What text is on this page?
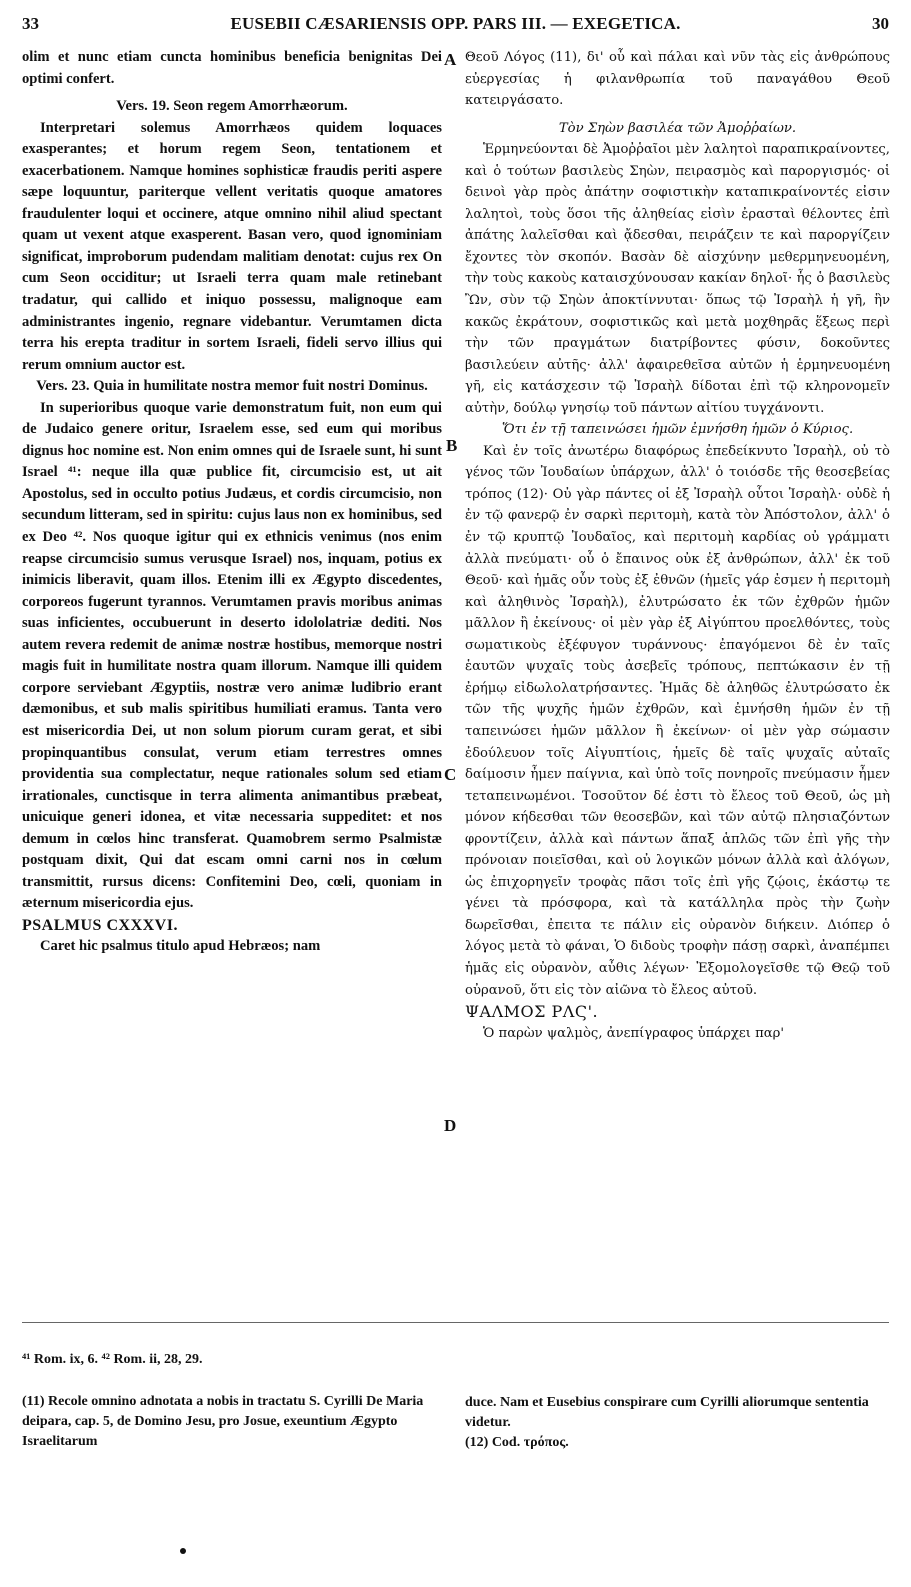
33	EUSEBII CÆSARIENSIS OPP. PARS III. — EXEGETICA.	30

olim et nunc etiam cuncta hominibus beneficia benignitas Dei optimi confert.

Vers. 19. Seon regem Amorrhæorum.

Interpretari solemus Amorrhæos quidem loquaces exasperantes; et horum regem Seon, tentationem et exacerbationem. Namque homines sophisticæ fraudis periti aspere sæpe loquuntur, pariterque vellent veritatis quoque amatores fraudulenter loqui et occinere, atque omnino nihil aliud spectant quam ut vexent atque exasperent. Basan vero, quod ignominiam significat, improborum pudendam malitiam denotat: cujus rex On cum Seon occiditur; ut Israeli terra quam male retinebant tradatur, qui callido et iniquo possessu, malignoque eam administrantes ingenio, regnare videbantur. Verumtamen dicta terra his erepta traditur in sortem Israeli, fideli servo illius qui rerum omnium auctor est.

Vers. 23. Quia in humilitate nostra memor fuit nostri Dominus.

In superioribus quoque varie demonstratum fuit, non eum qui de Judaico genere oritur, Israelem esse, sed eum qui moribus dignus hoc nomine est. Non enim omnes qui de Israele sunt, hi sunt Israel ⁴¹: neque illa quæ publice fit, circumcisio est, ut ait Apostolus, sed in occulto potius Judæus, et cordis circumcisio, non secundum litteram, sed in spiritu: cujus laus non ex hominibus, sed ex Deo ⁴². Nos quoque igitur qui ex ethnicis venimus (nos enim reapse circumcisio sumus verusque Israel) nos, inquam, potius ex inimicis liberavit, quam illos. Etenim illi ex Ægypto discedentes, corporeos fugerunt tyrannos. Verumtamen pravis moribus animas suas inficientes, occubuerunt in deserto idololatriæ dediti. Nos autem revera redemit de animæ nostræ hostibus, memorque nostri magis fuit in humilitate nostra quam illorum. Namque illi quidem corpore serviebant Ægyptiis, nostræ vero animæ ludibrio erant dæmonibus, et sub malis spiritibus humiliati eramus. Tanta vero est misericordia Dei, ut non solum piorum curam gerat, et sibi propinquantibus consulat, verum etiam terrestres omnes providentia sua complectatur, neque rationales solum sed etiam irrationales, cunctisque in terra alimenta animantibus præbeat, unicuique generi idonea, et vitæ necessaria suppeditet: et nos demum in cœlos hinc transferat. Quamobrem sermo Psalmistæ postquam dixit, Qui dat escam omni carni nos in cœlum transmittit, rursus dicens: Confitemini Deo, cœli, quoniam in æternum misericordia ejus.

PSALMUS CXXXVI.

Caret hic psalmus titulo apud Hebræos; nam

Θεοῦ Λόγος (11), δι' οὗ καὶ πάλαι καὶ νῦν τὰς εἰς ἀνθρώπους εὐεργεσίας ἡ φιλανθρωπία τοῦ παναγάθου Θεοῦ κατειργάσατο.

Τὸν Σηὼν βασιλέα τῶν Ἀμοῤῥαίων.

Ἑρμηνεύονται δὲ Ἀμοῤῥαῖοι μὲν λαλητοὶ παραπικραίνοντες, καὶ ὁ τούτων βασιλεὺς Σηὼν, πειρασμὸς καὶ παροργισμός· οἱ δεινοὶ γὰρ πρὸς ἀπάτην σοφιστικὴν καταπικραίνοντές εἰσιν λαλητοὶ, τοὺς ὅσοι τῆς ἀληθείας εἰσὶν ἐρασταὶ θέλοντες ἐπὶ ἀπάτης λαλεῖσθαι καὶ ᾄδεσθαι, πειράζειν τε καὶ παροργίζειν ἔχοντες τὸν σκοπόν. Βασὰν δὲ αἰσχύνην μεθερμηνευομένη, τὴν τοὺς κακοὺς καταισχύνουσαν κακίαν δηλοῖ· ἧς ὁ βασιλεὺς Ὢν, σὺν τῷ Σηὼν ἀποκτίννυται· ὅπως τῷ Ἰσραὴλ ἡ γῆ, ἣν κακῶς ἐκράτουν, σοφιστικῶς καὶ μετὰ μοχθηρᾶς ἕξεως περὶ τὴν τῶν πραγμάτων διατρίβοντες φύσιν, δοκοῦντες βασιλεύειν αὐτῆς· ἀλλ' ἀφαιρεθεῖσα αὐτῶν ἡ ἑρμηνευομένη γῆ, εἰς κατάσχεσιν τῷ Ἰσραὴλ δίδοται ἐπὶ τῷ κληρονομεῖν αὐτὴν, δούλῳ γνησίῳ τοῦ πάντων αἰτίου τυγχάνοντι.

Ὅτι ἐν τῇ ταπεινώσει ἡμῶν ἐμνήσθη ἡμῶν ὁ Κύριος.

Καὶ ἐν τοῖς ἀνωτέρω διαφόρως ἐπεδείκνυτο Ἰσραὴλ, οὐ τὸ γένος τῶν Ἰουδαίων ὑπάρχων, ἀλλ' ὁ τοιόσδε τῆς θεοσεβείας τρόπος (12)· Οὐ γὰρ πάντες οἱ ἐξ Ἰσραὴλ οὗτοι Ἰσραὴλ· οὐδὲ ἡ ἐν τῷ φανερῷ ἐν σαρκὶ περιτομὴ, κατὰ τὸν Ἀπόστολον, ἀλλ' ὁ ἐν τῷ κρυπτῷ Ἰουδαῖος, καὶ περιτομὴ καρδίας οὐ γράμματι ἀλλὰ πνεύματι· οὗ ὁ ἔπαινος οὐκ ἐξ ἀνθρώπων, ἀλλ' ἐκ τοῦ Θεοῦ· καὶ ἡμᾶς οὖν τοὺς ἐξ ἐθνῶν (ἡμεῖς γάρ ἐσμεν ἡ περιτομὴ καὶ ἀληθινὸς Ἰσραὴλ), ἐλυτρώσατο ἐκ τῶν ἐχθρῶν ἡμῶν μᾶλλον ἢ ἐκείνους· οἱ μὲν γὰρ ἐξ Αἰγύπτου προελθόντες, τοὺς σωματικοὺς ἐξέφυγον τυράννους· ἐπαγόμενοι δὲ ἐν ταῖς ἑαυτῶν ψυχαῖς τοὺς ἀσεβεῖς τρόπους, πεπτώκασιν ἐν τῇ ἐρήμῳ εἰδωλολατρήσαντες. Ἡμᾶς δὲ ἀληθῶς ἐλυτρώσατο ἐκ τῶν τῆς ψυχῆς ἡμῶν ἐχθρῶν, καὶ ἐμνήσθη ἡμῶν ἐν τῇ ταπεινώσει ἡμῶν μᾶλλον ἢ ἐκείνων· οἱ μὲν γὰρ σώμασιν ἐδούλευον τοῖς Αἰγυπτίοις, ἡμεῖς δὲ ταῖς ψυχαῖς αὐταῖς δαίμοσιν ἦμεν παίγνια, καὶ ὑπὸ τοῖς πονηροῖς πνεύμασιν ἦμεν τεταπεινωμένοι. Τοσοῦτον δέ ἐστι τὸ ἔλεος τοῦ Θεοῦ, ὡς μὴ μόνον κήδεσθαι τῶν θεοσεβῶν, καὶ τῶν αὐτῷ πλησιαζόντων φροντίζειν, ἀλλὰ καὶ πάντων ἅπαξ ἁπλῶς τῶν ἐπὶ γῆς τὴν πρόνοιαν ποιεῖσθαι, καὶ οὐ λογικῶν μόνων ἀλλὰ καὶ ἀλόγων, ὡς ἐπιχορηγεῖν τροφὰς πᾶσι τοῖς ἐπὶ γῆς ζῴοις, ἑκάστῳ τε γένει τὰ πρόσφορα, καὶ τὰ κατάλληλα πρὸς τὴν ζωὴν δωρεῖσθαι, ἐπειτα τε πάλιν εἰς οὐρανὸν διήκειν. Διόπερ ὁ λόγος μετὰ τὸ φάναι, Ὁ διδοὺς τροφὴν πάσῃ σαρκὶ, ἀναπέμπει ἡμᾶς εἰς οὐρανὸν, αὖθις λέγων· Ἐξομολογεῖσθε τῷ Θεῷ τοῦ οὐρανοῦ, ὅτι εἰς τὸν αἰῶνα τὸ ἔλεος αὐτοῦ.

ΨΑΛΜΟΣ ΡΛϚ'.

Ὁ παρὼν ψαλμὸς, ἀνεπίγραφος ὑπάρχει παρ'

A
B
C
D

⁴¹ Rom. ix, 6. ⁴² Rom. ii, 28, 29.

(11) Recole omnino adnotata a nobis in tractatu S. Cyrilli De Maria deipara, cap. 5, de Domino Jesu, pro Josue, exeuntium Ægypto Israelitarum

duce. Nam et Eusebius conspirare cum Cyrilli aliorumque sententia videtur.

(12) Cod. τρόπος.
